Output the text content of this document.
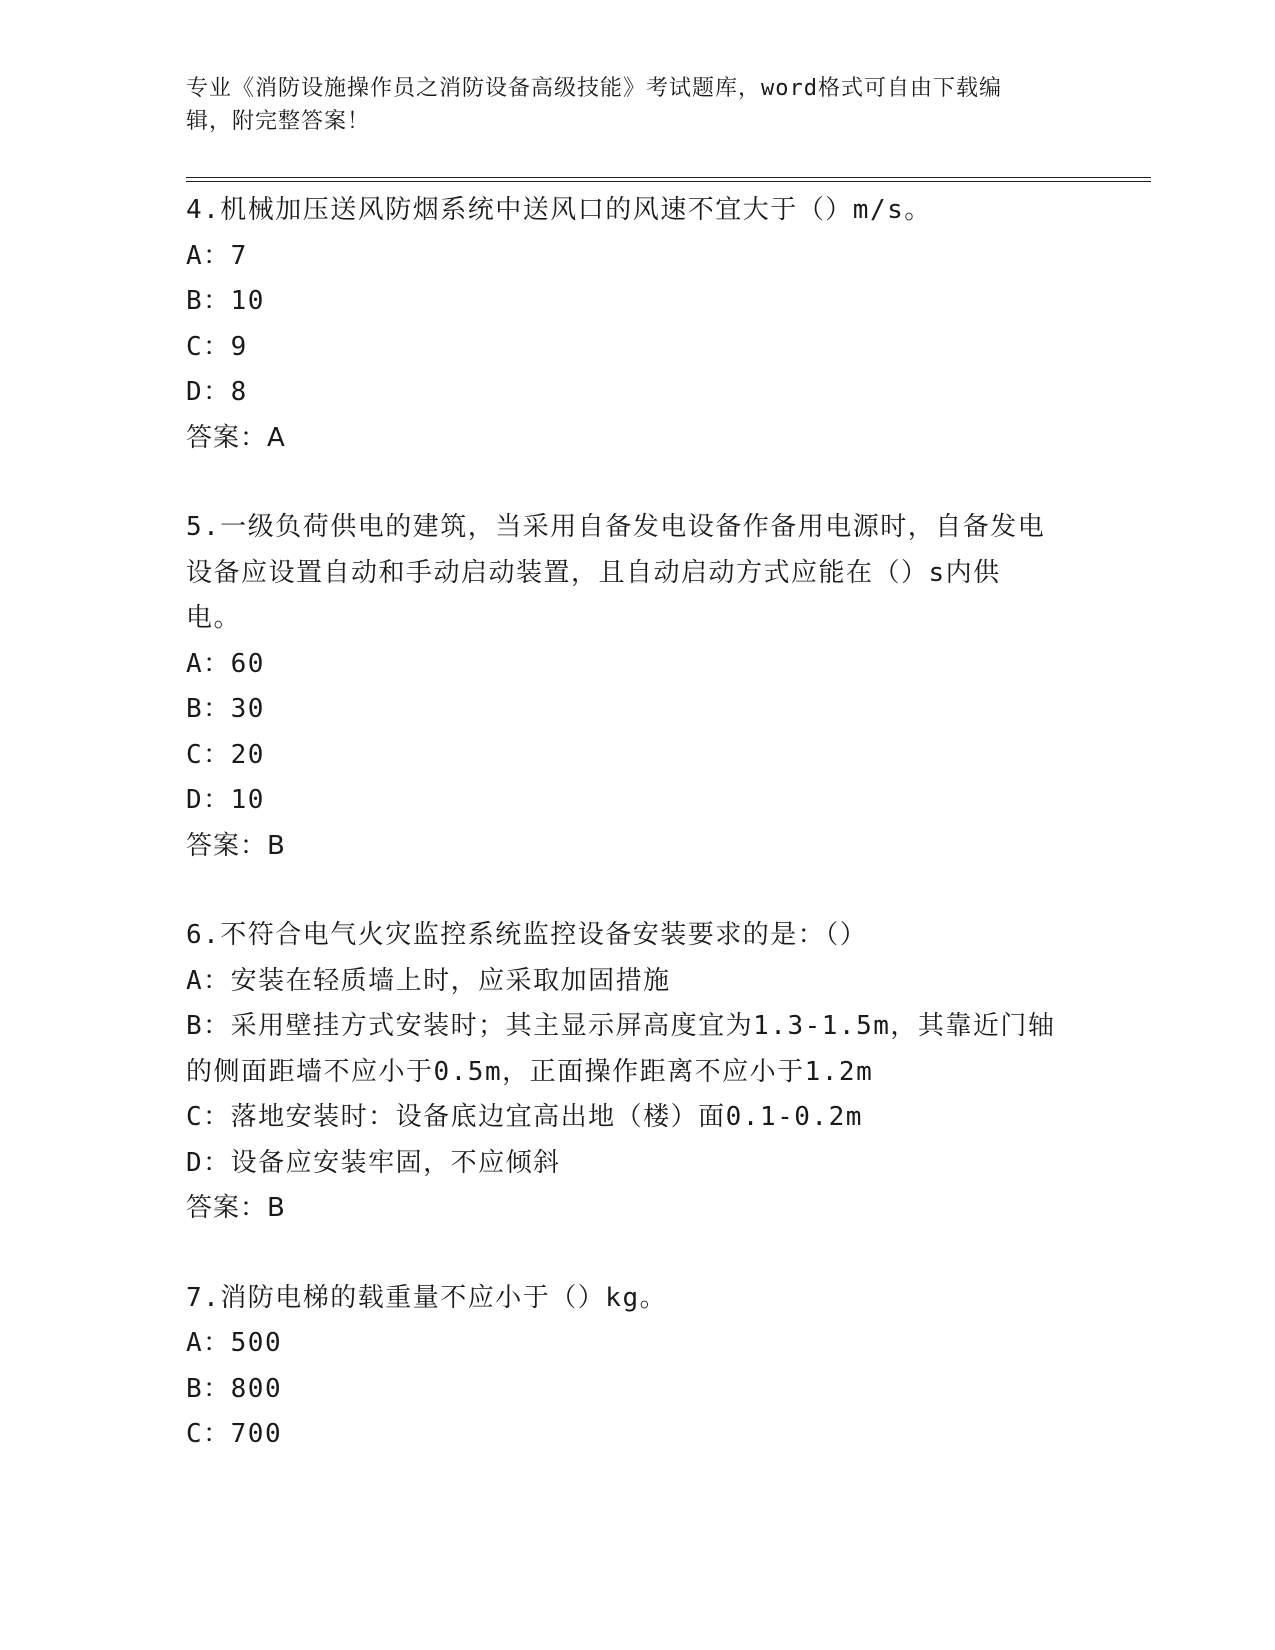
专业《消防设施操作员之消防设备高级技能》考试题库，word格式可自由下载编
辑，附完整答案！
4.机械加压送风防烟系统中送风口的风速不宜大于（）m/s。
A：7
B：10
C：9
D：8
答案：A
5.一级负荷供电的建筑，当采用自备发电设备作备用电源时，自备发电设备应设置自动和手动启动装置，且自动启动方式应能在（）s内供电。
A：60
B：30
C：20
D：10
答案：B
6.不符合电气火灾监控系统监控设备安装要求的是：（）
A：安装在轻质墙上时，应采取加固措施
B：采用壁挂方式安装时；其主显示屏高度宜为1.3-1.5m，其靠近门轴的侧面距墙不应小于0.5m，正面操作距离不应小于1.2m
C：落地安装时：设备底边宜高出地（楼）面0.1-0.2m
D：设备应安装牢固，不应倾斜
答案：B
7.消防电梯的载重量不应小于（）kg。
A：500
B：800
C：700
